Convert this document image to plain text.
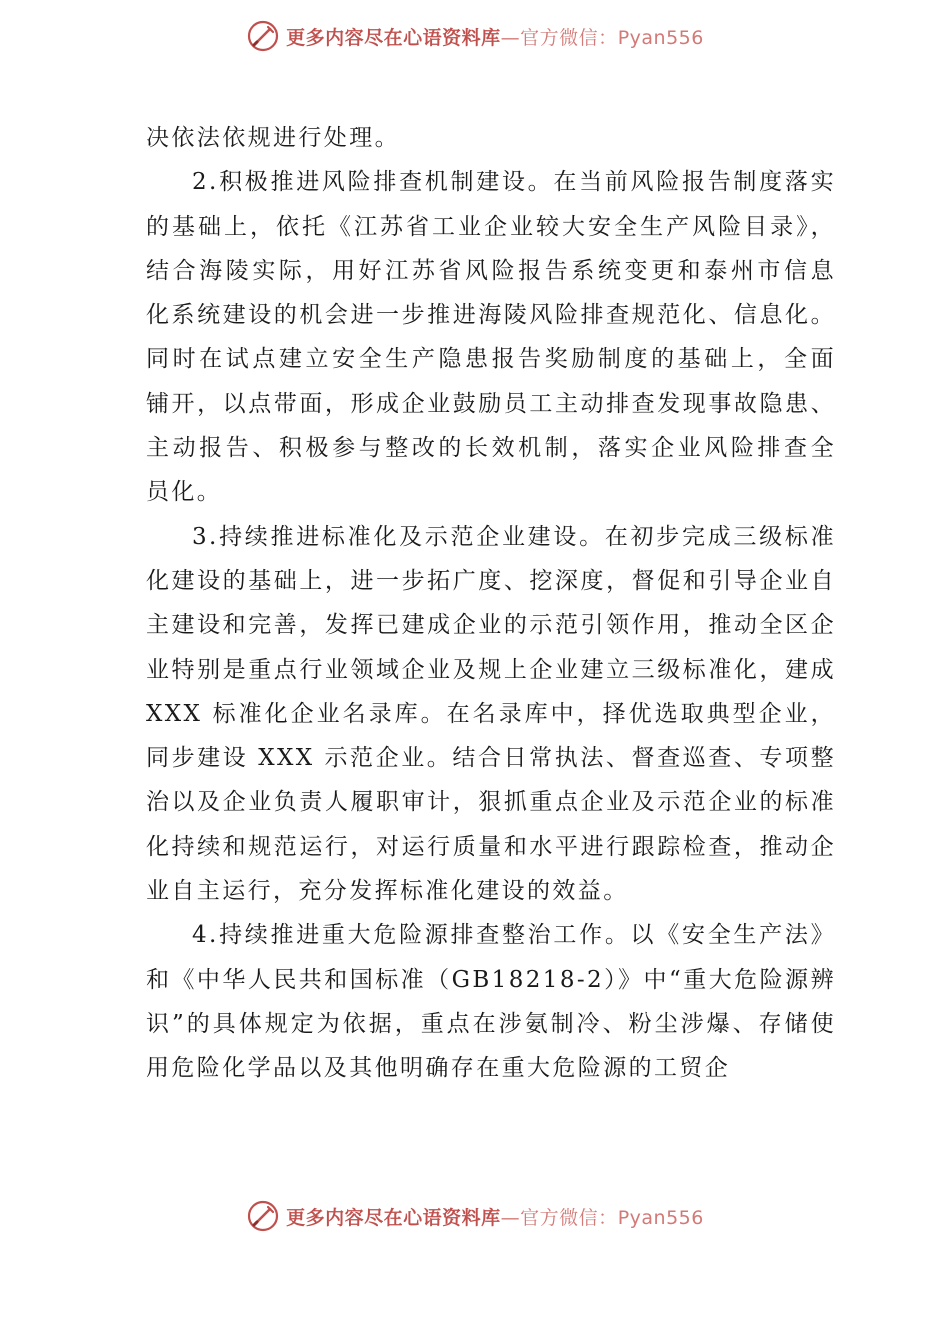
更多内容尽在心语资料库—官方微信：Pyan556

决依法依规进行处理。

2.积极推进风险排查机制建设。在当前风险报告制度落实的基础上，依托《江苏省工业企业较大安全生产风险目录》， 结合海陵实际，用好江苏省风险报告系统变更和泰州市信息 化系统建设的机会进一步推进海陵风险排查规范化、信息化。同时在试点建立安全生产隐患报告奖励制度的基础上，全面 铺开，以点带面，形成企业鼓励员工主动排查发现事故隐患、主动报告、积极参与整改的长效机制，落实企业风险排查全 员化。

3.持续推进标准化及示范企业建设。在初步完成三级标准化建设的基础上，进一步拓广度、挖深度，督促和引导企业自主建设和完善，发挥已建成企业的示范引领作用，推动全区企业特别是重点行业领域企业及规上企业建立三级标准化，建成 XXX 标准化企业名录库。在名录库中，择优选取典型企业，同步建设 XXX 示范企业。结合日常执法、督查巡查、专项整治以及企业负责人履职审计，狠抓重点企业及示范企业的标准化持续和规范运行，对运行质量和水平进行跟踪检查，推动企业自主运行，充分发挥标准化建设的效益。

4.持续推进重大危险源排查整治工作。以《安全生产法》和《中华人民共和国标准（GB18218-2）》中“重大危险源辨识”的具体规定为依据，重点在涉氨制冷、粉尘涉爆、存储使用危险化学品以及其他明确存在重大危险源的工贸企

更多内容尽在心语资料库—官方微信：Pyan556
